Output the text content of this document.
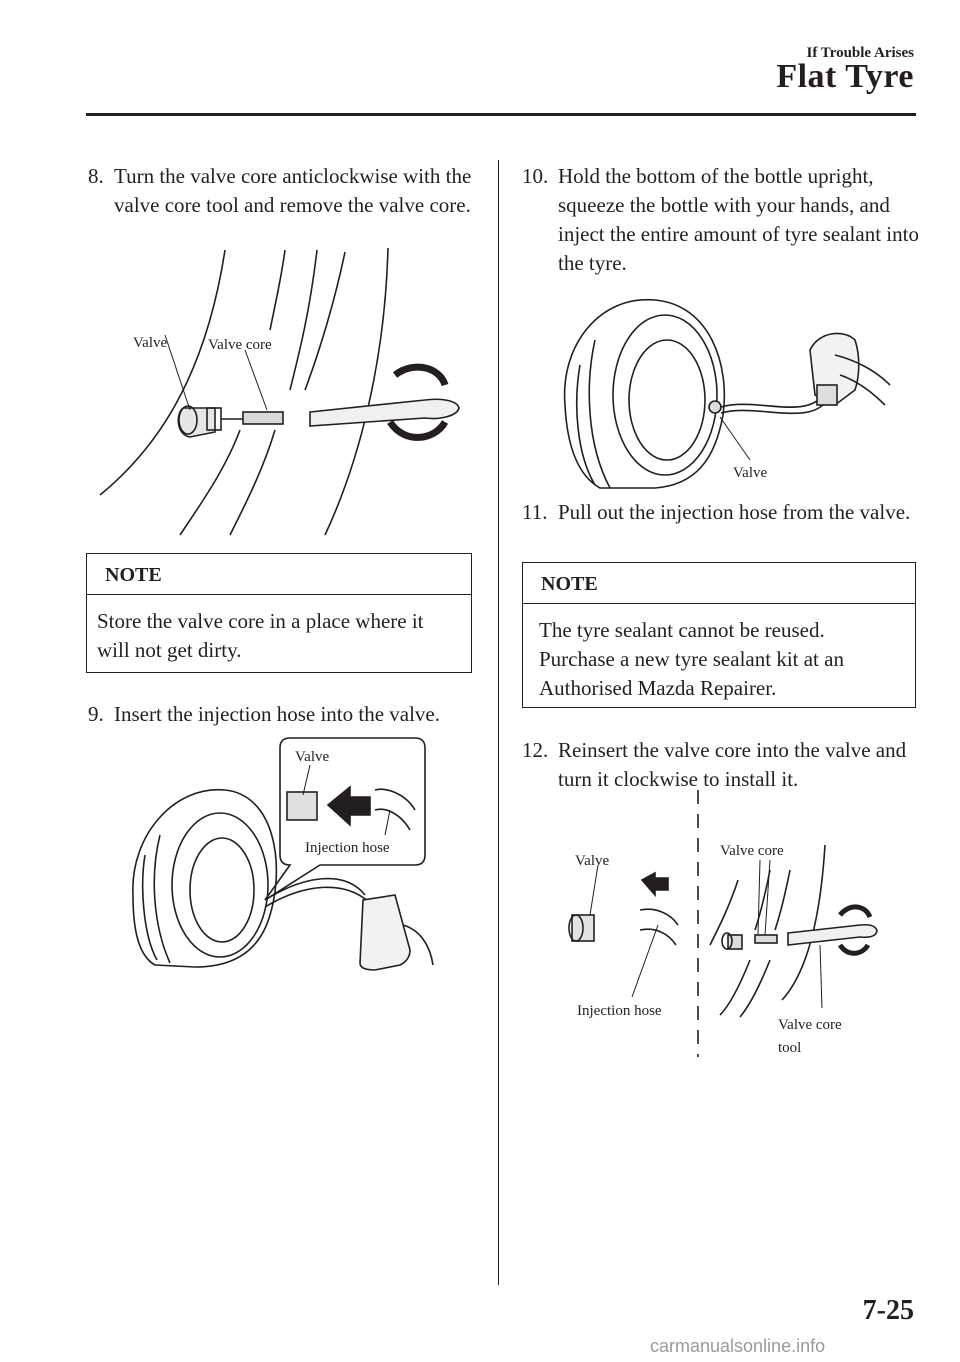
If Trouble Arises
Flat Tyre
8. Turn the valve core anticlockwise with the valve core tool and remove the valve core.
Valve	Valve core
NOTE
Store the valve core in a place where it will not get dirty.
9. Insert the injection hose into the valve.
Valve
Injection hose
10. Hold the bottom of the bottle upright, squeeze the bottle with your hands, and inject the entire amount of tyre sealant into the tyre.
Valve
11. Pull out the injection hose from the valve.
NOTE
The tyre sealant cannot be reused. Purchase a new tyre sealant kit at an Authorised Mazda Repairer.
12. Reinsert the valve core into the valve and turn it clockwise to install it.
Valve
Valve core
Injection hose
Valve core
tool
7-25
carmanualsonline.info
